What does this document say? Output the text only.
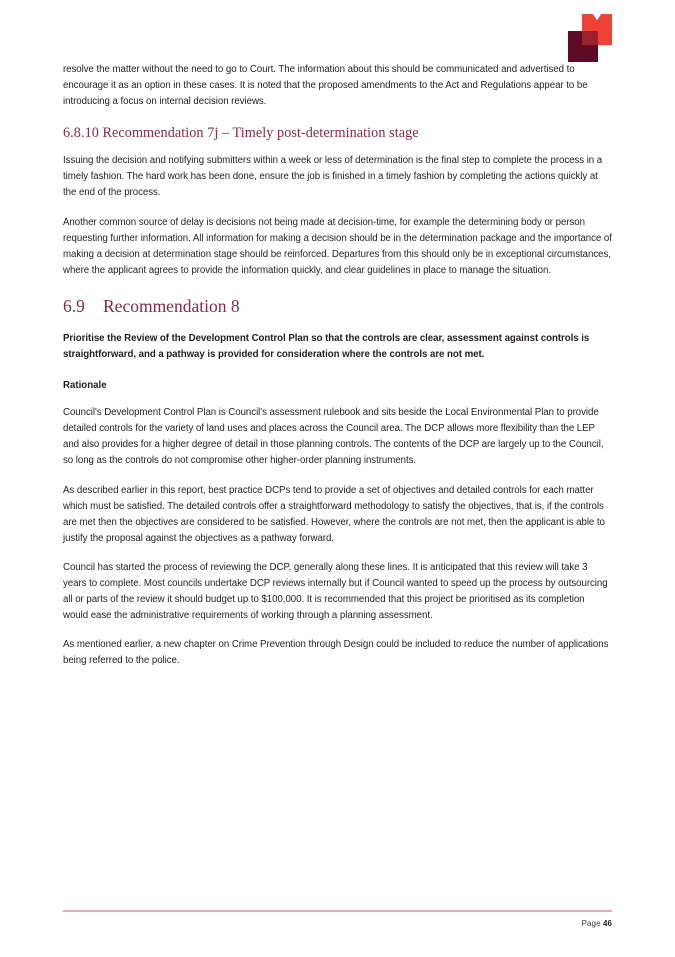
resolve the matter without the need to go to Court. The information about this should be communicated and advertised to encourage it as an option in these cases. It is noted that the proposed amendments to the Act and Regulations appear to be introducing a focus on internal decision reviews.

6.8.10 Recommendation 7j – Timely post-determination stage

Issuing the decision and notifying submitters within a week or less of determination is the final step to complete the process in a timely fashion. The hard work has been done, ensure the job is finished in a timely fashion by completing the actions quickly at the end of the process.

Another common source of delay is decisions not being made at decision-time, for example the determining body or person requesting further information. All information for making a decision should be in the determination package and the importance of making a decision at determination stage should be reinforced. Departures from this should only be in exceptional circumstances, where the applicant agrees to provide the information quickly, and clear guidelines in place to manage the situation.

6.9 Recommendation 8

Prioritise the Review of the Development Control Plan so that the controls are clear, assessment against controls is straightforward, and a pathway is provided for consideration where the controls are not met.

Rationale

Council's Development Control Plan is Council's assessment rulebook and sits beside the Local Environmental Plan to provide detailed controls for the variety of land uses and places across the Council area. The DCP allows more flexibility than the LEP and also provides for a higher degree of detail in those planning controls. The contents of the DCP are largely up to the Council, so long as the controls do not compromise other higher-order planning instruments.

As described earlier in this report, best practice DCPs tend to provide a set of objectives and detailed controls for each matter which must be satisfied. The detailed controls offer a straightforward methodology to satisfy the objectives, that is, if the controls are met then the objectives are considered to be satisfied. However, where the controls are not met, then the applicant is able to justify the proposal against the objectives as a pathway forward.

Council has started the process of reviewing the DCP, generally along these lines. It is anticipated that this review will take 3 years to complete. Most councils undertake DCP reviews internally but if Council wanted to speed up the process by outsourcing all or parts of the review it should budget up to $100,000. It is recommended that this project be prioritised as its completion would ease the administrative requirements of working through a planning assessment.

As mentioned earlier, a new chapter on Crime Prevention through Design could be included to reduce the number of applications being referred to the police.

Page 46
